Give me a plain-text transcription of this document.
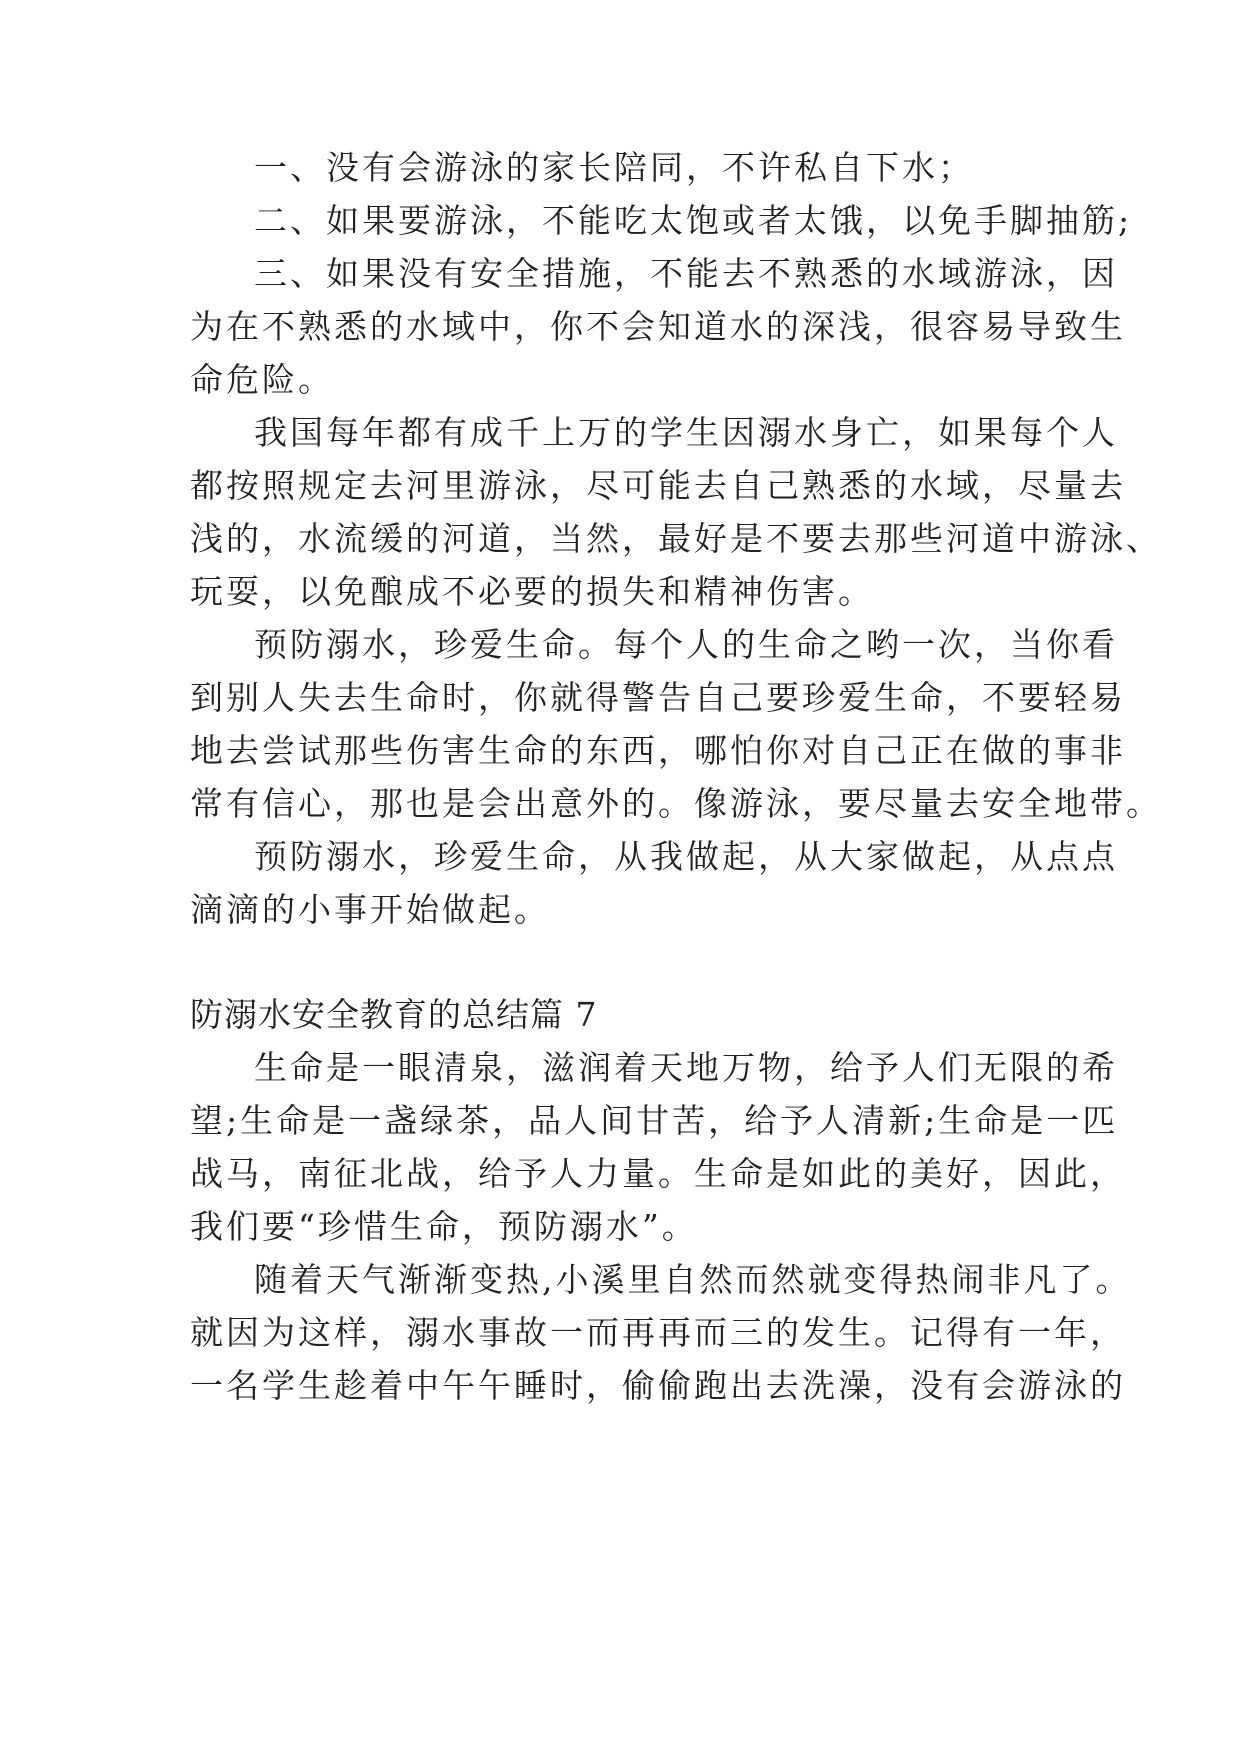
一、没有会游泳的家长陪同，不许私自下水；

二、如果要游泳，不能吃太饱或者太饿，以免手脚抽筋;

三、如果没有安全措施，不能去不熟悉的水域游泳，因

为在不熟悉的水域中，你不会知道水的深浅，很容易导致生

命危险。

我国每年都有成千上万的学生因溺水身亡，如果每个人

都按照规定去河里游泳，尽可能去自己熟悉的水域，尽量去

浅的，水流缓的河道，当然，最好是不要去那些河道中游泳、

玩耍，以免酿成不必要的损失和精神伤害。

预防溺水，珍爱生命。每个人的生命之哟一次，当你看

到别人失去生命时，你就得警告自己要珍爱生命，不要轻易

地去尝试那些伤害生命的东西，哪怕你对自己正在做的事非

常有信心，那也是会出意外的。像游泳，要尽量去安全地带。

预防溺水，珍爱生命，从我做起，从大家做起，从点点

滴滴的小事开始做起。

防溺水安全教育的总结篇 7

生命是一眼清泉，滋润着天地万物，给予人们无限的希

望;生命是一盏绿茶，品人间甘苦，给予人清新;生命是一匹

战马，南征北战，给予人力量。生命是如此的美好，因此，

我们要“珍惜生命，预防溺水”。

随着天气渐渐变热,小溪里自然而然就变得热闹非凡了。

就因为这样，溺水事故一而再再而三的发生。记得有一年，

一名学生趁着中午午睡时，偷偷跑出去洗澡，没有会游泳的
